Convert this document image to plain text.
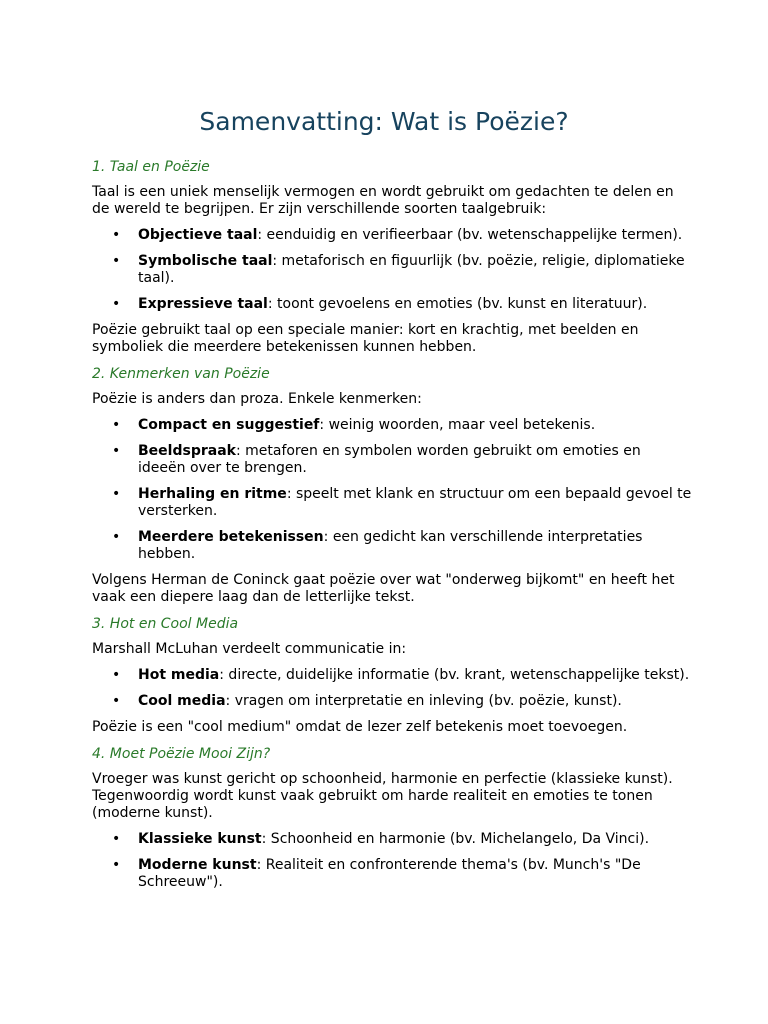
Samenvatting: Wat is Poëzie?
1. Taal en Poëzie

Taal is een uniek menselijk vermogen en wordt gebruikt om gedachten te delen en de wereld te begrijpen. Er zijn verschillende soorten taalgebruik:

• Objectieve taal: eenduidig en verifieerbaar (bv. wetenschappelijke termen).
• Symbolische taal: metaforisch en figuurlijk (bv. poëzie, religie, diplomatieke taal).
• Expressieve taal: toont gevoelens en emoties (bv. kunst en literatuur).

Poëzie gebruikt taal op een speciale manier: kort en krachtig, met beelden en symboliek die meerdere betekenissen kunnen hebben.

2. Kenmerken van Poëzie

Poëzie is anders dan proza. Enkele kenmerken:

• Compact en suggestief: weinig woorden, maar veel betekenis.
• Beeldspraak: metaforen en symbolen worden gebruikt om emoties en ideeën over te brengen.
• Herhaling en ritme: speelt met klank en structuur om een bepaald gevoel te versterken.
• Meerdere betekenissen: een gedicht kan verschillende interpretaties hebben.

Volgens Herman de Coninck gaat poëzie over wat "onderweg bijkomt" en heeft het vaak een diepere laag dan de letterlijke tekst.

3. Hot en Cool Media

Marshall McLuhan verdeelt communicatie in:

• Hot media: directe, duidelijke informatie (bv. krant, wetenschappelijke tekst).
• Cool media: vragen om interpretatie en inleving (bv. poëzie, kunst).

Poëzie is een "cool medium" omdat de lezer zelf betekenis moet toevoegen.

4. Moet Poëzie Mooi Zijn?

Vroeger was kunst gericht op schoonheid, harmonie en perfectie (klassieke kunst). Tegenwoordig wordt kunst vaak gebruikt om harde realiteit en emoties te tonen (moderne kunst).

• Klassieke kunst: Schoonheid en harmonie (bv. Michelangelo, Da Vinci).
• Moderne kunst: Realiteit en confronterende thema's (bv. Munch's "De Schreeuw").
